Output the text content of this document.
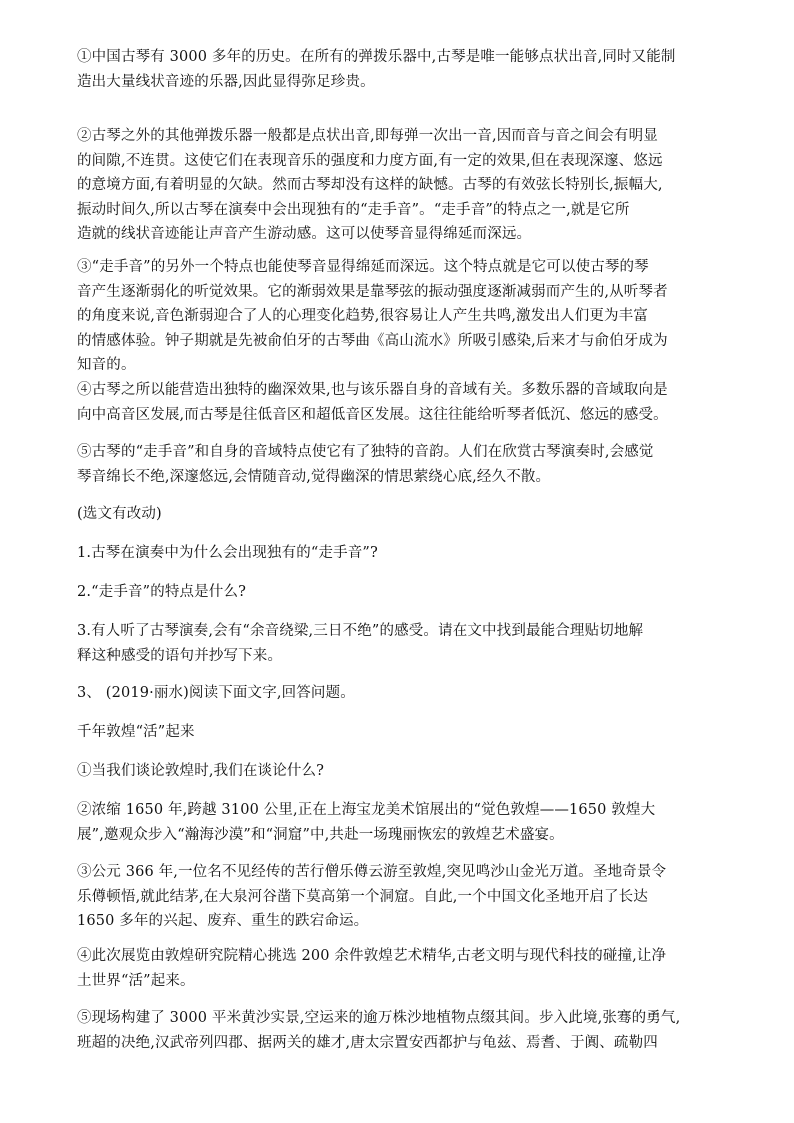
①中国古琴有 3000 多年的历史。在所有的弹拨乐器中,古琴是唯一能够点状出音,同时又能制
造出大量线状音迹的乐器,因此显得弥足珍贵。
②古琴之外的其他弹拨乐器一般都是点状出音,即每弹一次出一音,因而音与音之间会有明显
的间隙,不连贯。这使它们在表现音乐的强度和力度方面,有一定的效果,但在表现深邃、悠远
的意境方面,有着明显的欠缺。然而古琴却没有这样的缺憾。古琴的有效弦长特别长,振幅大,
振动时间久,所以古琴在演奏中会出现独有的“走手音”。“走手音”的特点之一,就是它所
造就的线状音迹能让声音产生游动感。这可以使琴音显得绵延而深远。
③“走手音”的另外一个特点也能使琴音显得绵延而深远。这个特点就是它可以使古琴的琴
音产生逐渐弱化的听觉效果。它的渐弱效果是靠琴弦的振动强度逐渐减弱而产生的,从听琴者
的角度来说,音色渐弱迎合了人的心理变化趋势,很容易让人产生共鸣,激发出人们更为丰富
的情感体验。钟子期就是先被俞伯牙的古琴曲《高山流水》所吸引感染,后来才与俞伯牙成为
知音的。
④古琴之所以能营造出独特的幽深效果,也与该乐器自身的音域有关。多数乐器的音域取向是
向中高音区发展,而古琴是往低音区和超低音区发展。这往往能给听琴者低沉、悠远的感受。
⑤古琴的“走手音”和自身的音域特点使它有了独特的音韵。人们在欣赏古琴演奏时,会感觉
琴音绵长不绝,深邃悠远,会情随音动,觉得幽深的情思萦绕心底,经久不散。
(选文有改动)
1.古琴在演奏中为什么会出现独有的“走手音”?
2.“走手音”的特点是什么?
3.有人听了古琴演奏,会有“余音绕梁,三日不绝”的感受。请在文中找到最能合理贴切地解
释这种感受的语句并抄写下来。
3、 (2019·丽水)阅读下面文字,回答问题。
千年敦煌“活”起来
①当我们谈论敦煌时,我们在谈论什么?
②浓缩 1650 年,跨越 3100 公里,正在上海宝龙美术馆展出的“觉色敦煌——1650 敦煌大
展”,邀观众步入“瀚海沙漠”和“洞窟”中,共赴一场瑰丽恢宏的敦煌艺术盛宴。
③公元 366 年,一位名不见经传的苦行僧乐僔云游至敦煌,突见鸣沙山金光万道。圣地奇景令
乐僔顿悟,就此结茅,在大泉河谷凿下莫高第一个洞窟。自此,一个中国文化圣地开启了长达
1650 多年的兴起、废弃、重生的跌宕命运。
④此次展览由敦煌研究院精心挑选 200 余件敦煌艺术精华,古老文明与现代科技的碰撞,让净
土世界“活”起来。
⑤现场构建了 3000 平米黄沙实景,空运来的逾万株沙地植物点缀其间。步入此境,张骞的勇气,
班超的决绝,汉武帝列四郡、据两关的雄才,唐太宗置安西都护与龟兹、焉耆、于阗、疏勒四
